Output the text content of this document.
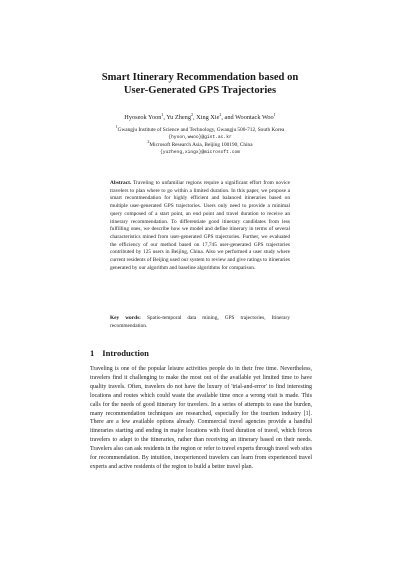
Smart Itinerary Recommendation based on
User-Generated GPS Trajectories
Hyoseok Yoon$^1$, Yu Zheng$^2$, Xing Xie$^2$, and Woontack Woo$^1$
$^1$Gwangju Institute of Science and Technology, Gwangju 500-712, South Korea
{hyoon,wwoo}@gist.ac.kr
$^2$Microsoft Research Asia, Beijing 100190, China
{yuzheng,xingx}@microsoft.com
Abstract. Traveling to unfamiliar regions require a significant effort from novice travelers to plan where to go within a limited duration. In this paper, we propose a smart recommendation for highly efficient and balanced itineraries based on multiple user-generated GPS trajectories. Users only need to provide a minimal query composed of a start point, an end point and travel duration to receive an itinerary recommendation. To differentiate good itinerary candidates from less fulfilling ones, we describe how we model and define itinerary in terms of several characteristics mined from user-generated GPS trajectories. Further, we evaluated the efficiency of our method based on 17,745 user-generated GPS trajectories contributed by 125 users in Beijing, China. Also we performed a user study where current residents of Beijing used our system to review and give ratings to itineraries generated by our algorithm and baseline algorithms for comparison.
Key words: Spatio-temporal data mining, GPS trajectories, Itinerary recommendation.
1 Introduction
Traveling is one of the popular leisure activities people do in their free time. Nevertheless, travelers find it challenging to make the most out of the available yet limited time to have quality travels. Often, travelers do not have the luxury of 'trial-and-error' to find interesting locations and routes which could waste the available time once a wrong visit is made. This calls for the needs of good itinerary for travelers. In a series of attempts to ease the burden, many recommendation techniques are researched, especially for the tourism industry [1]. There are a few available options already. Commercial travel agencies provide a handful itineraries starting and ending in major locations with fixed duration of travel, which forces travelers to adapt to the itineraries, rather than receiving an itinerary based on their needs. Travelers also can ask residents in the region or refer to travel experts through travel web sites for recommendation. By intuition, inexperienced travelers can learn from experienced travel experts and active residents of the region to build a better travel plan.
